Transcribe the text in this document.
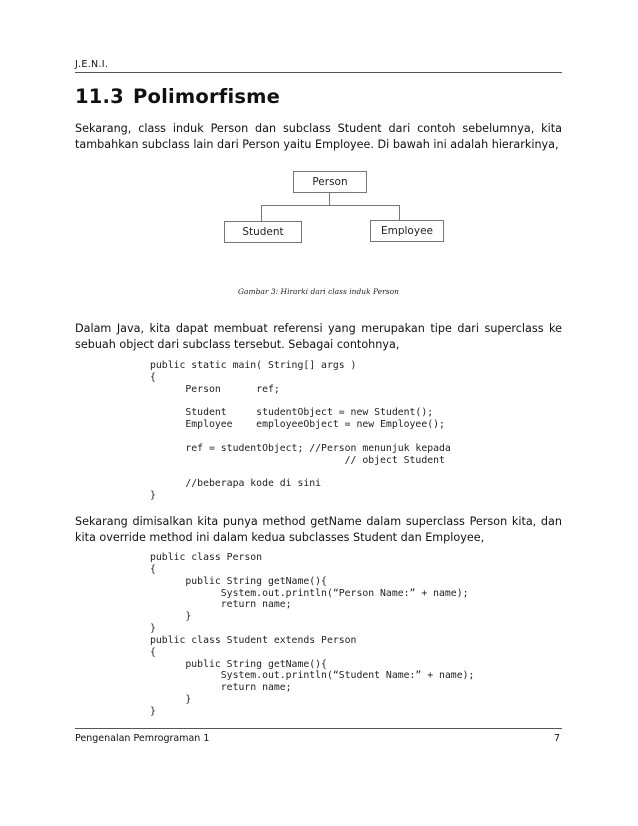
J.E.N.I.
11.3 Polimorfisme

Sekarang, class induk Person dan subclass Student dari contoh sebelumnya, kita tambahkan subclass lain dari Person yaitu Employee. Di bawah ini adalah hierarkinya,

Person
Student	Employee
Gambar 3: Hirarki dari class induk Person

Dalam Java, kita dapat membuat referensi yang merupakan tipe dari superclass ke sebuah object dari subclass tersebut. Sebagai contohnya,

public static main( String[] args )
{
Person      ref;

Student     studentObject = new Student();
Employee    employeeObject = new Employee();

ref = studentObject; //Person menunjuk kepada
// object Student

//beberapa kode di sini
}

Sekarang dimisalkan kita punya method getName dalam superclass Person kita, dan kita override method ini dalam kedua subclasses Student dan Employee,

public class Person
{
public String getName(){
System.out.println(“Person Name:” + name);
return name;
}
}
public class Student extends Person
{
public String getName(){
System.out.println(“Student Name:” + name);
return name;
}
}
Pengenalan Pemrograman 1	7
